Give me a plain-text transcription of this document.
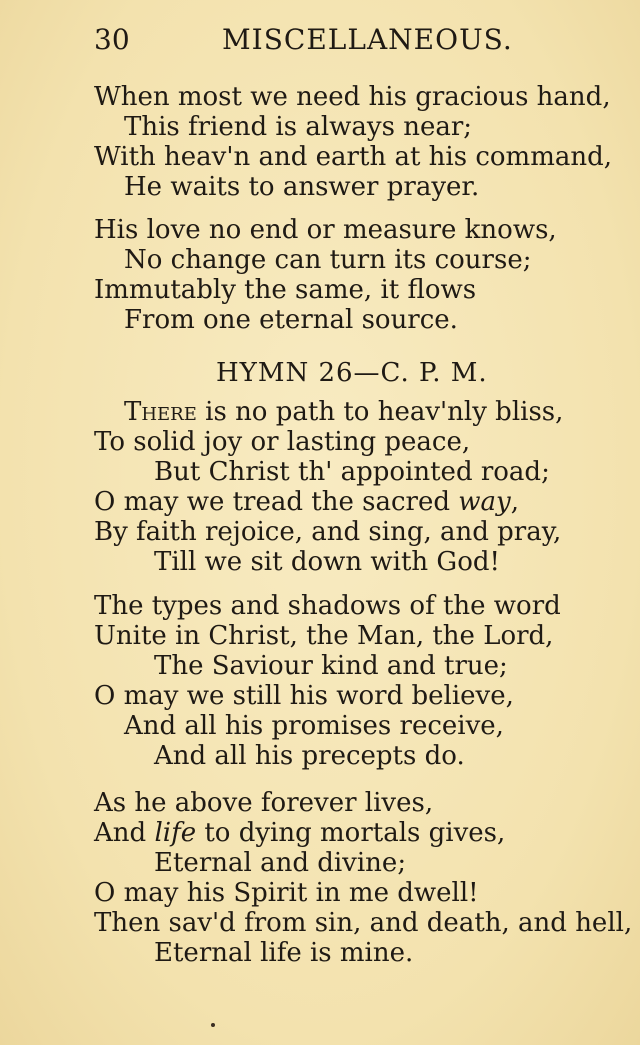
30	MISCELLANEOUS.
When most we need his gracious hand,
This friend is always near;
With heav'n and earth at his command,
He waits to answer prayer.
His love no end or measure knows,
No change can turn its course;
Immutably the same, it flows
From one eternal source.
HYMN 26—C. P. M.
There is no path to heav'nly bliss,
To solid joy or lasting peace,
But Christ th' appointed road;
O may we tread the sacred way,
By faith rejoice, and sing, and pray,
Till we sit down with God!
The types and shadows of the word
Unite in Christ, the Man, the Lord,
The Saviour kind and true;
O may we still his word believe,
And all his promises receive,
And all his precepts do.
As he above forever lives,
And life to dying mortals gives,
Eternal and divine;
O may his Spirit in me dwell!
Then sav'd from sin, and death, and hell,
Eternal life is mine.
